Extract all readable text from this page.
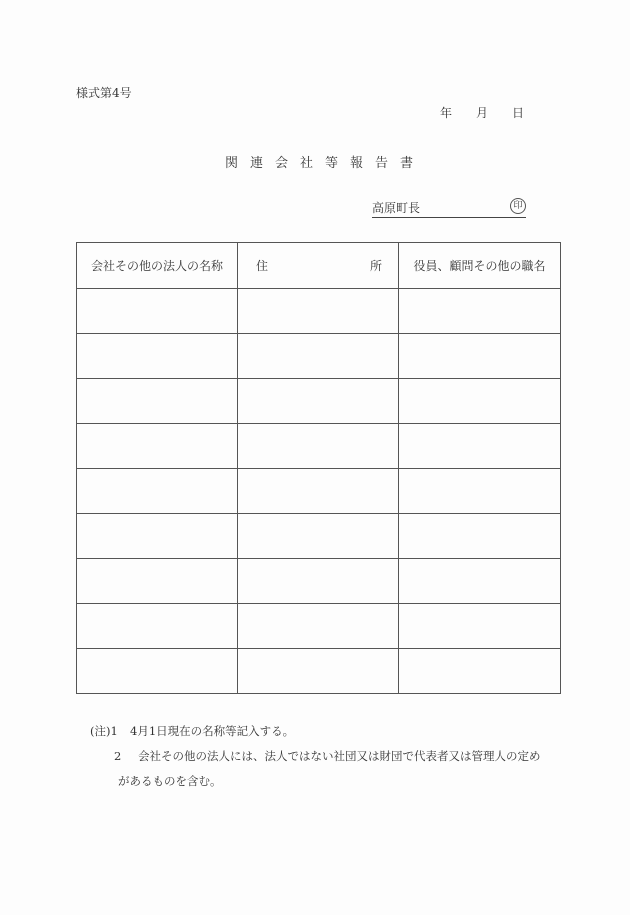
様式第4号
年	月	日
関 連 会 社 等 報 告 書
高原町長	印
会社その他の法人の名称	住 所	役員、顧問その他の職名

(注)1 4月1日現在の名称等記入する。
2 会社その他の法人には、法人ではない社団又は財団で代表者又は管理人の定め
があるものを含む。
